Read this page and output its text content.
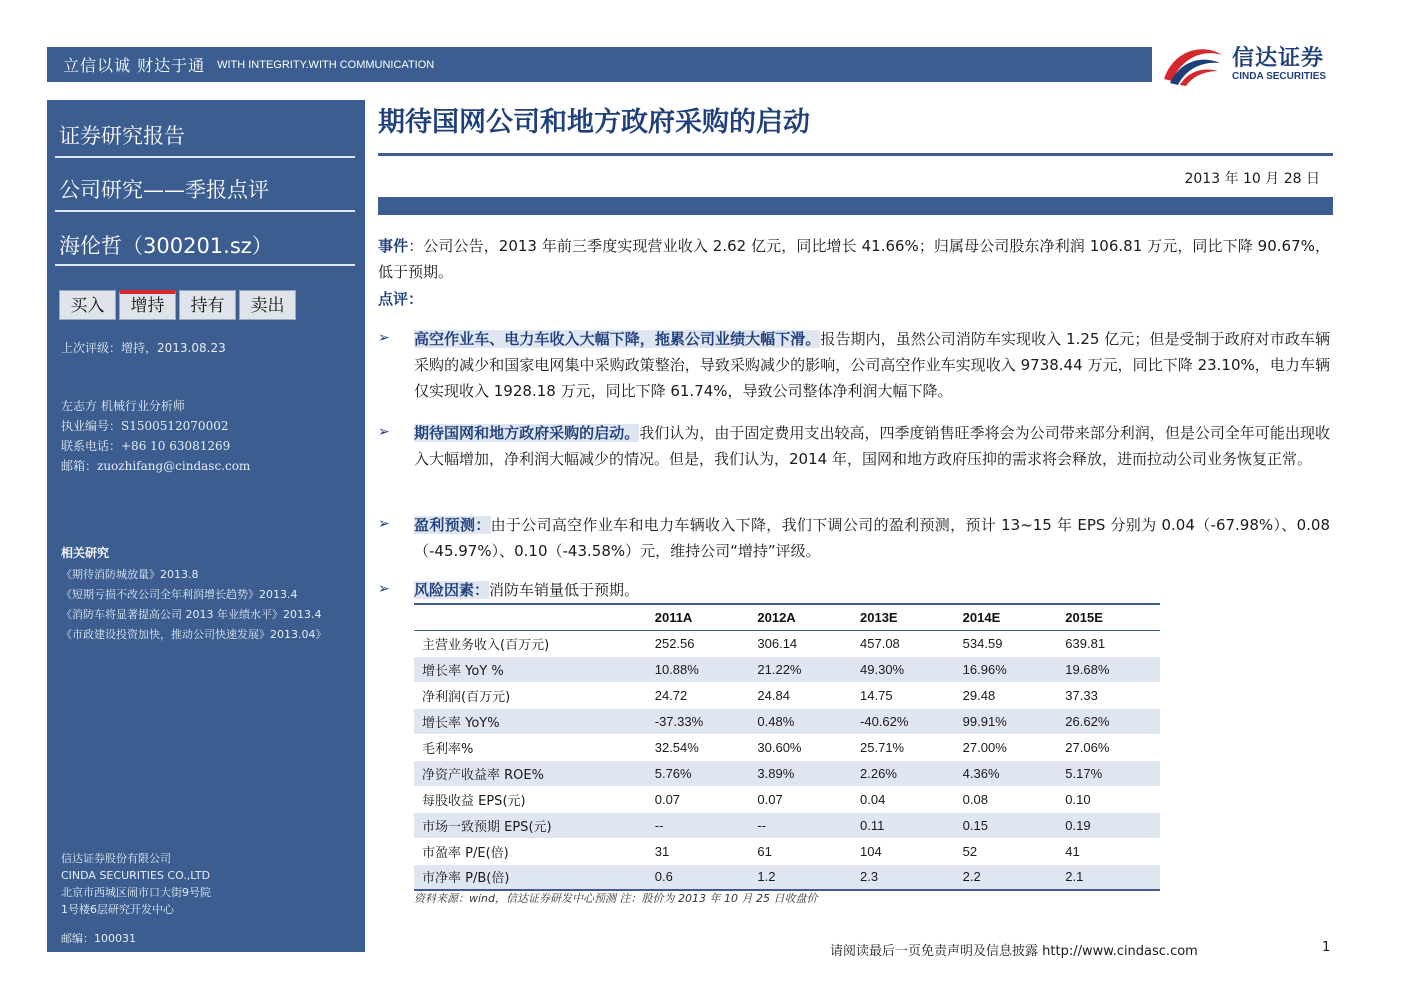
立信以诚 财达于通 WITH INTEGRITY.WITH COMMUNICATION	信达证券
CINDA SECURITIES
证券研究报告
公司研究——季报点评
海伦哲（300201.sz）
买入	增持	持有	卖出
上次评级：增持，2013.08.23
左志方 机械行业分析师
执业编号：S1500512070002
联系电话：+86 10 63081269
邮箱：zuozhifang@cindasc.com
相关研究
《期待消防城放量》2013.8
《短期亏损不改公司全年利润增长趋势》2013.4
《消防车将显著提高公司 2013 年业绩水平》2013.4
《市政建设投资加快，推动公司快速发展》2013.04》
信达证券股份有限公司
CINDA SECURITIES CO.,LTD
北京市西城区闹市口大街9号院
1号楼6层研究开发中心
邮编：100031
期待国网公司和地方政府采购的启动
2013 年 10 月 28 日
事件：公司公告，2013 年前三季度实现营业收入 2.62 亿元，同比增长 41.66%；归属母公司股东净利润 106.81 万元，同比下降 90.67%，低于预期。
点评：
➢ 高空作业车、电力车收入大幅下降，拖累公司业绩大幅下滑。报告期内，虽然公司消防车实现收入 1.25 亿元；但是受制于政府对市政车辆采购的减少和国家电网集中采购政策整治，导致采购减少的影响，公司高空作业车实现收入 9738.44 万元，同比下降 23.10%，电力车辆仅实现收入 1928.18 万元，同比下降 61.74%，导致公司整体净利润大幅下降。
➢ 期待国网和地方政府采购的启动。我们认为，由于固定费用支出较高，四季度销售旺季将会为公司带来部分利润，但是公司全年可能出现收入大幅增加，净利润大幅减少的情况。但是，我们认为，2014 年，国网和地方政府压抑的需求将会释放，进而拉动公司业务恢复正常。
➢ 盈利预测：由于公司高空作业车和电力车辆收入下降，我们下调公司的盈利预测，预计 13~15 年 EPS 分别为 0.04（-67.98%）、0.08（-45.97%）、0.10（-43.58%）元，维持公司“增持”评级。
➢ 风险因素：消防车销量低于预期。
	2011A	2012A	2013E	2014E	2015E
主营业务收入(百万元)	252.56	306.14	457.08	534.59	639.81
增长率 YoY %	10.88%	21.22%	49.30%	16.96%	19.68%
净利润(百万元)	24.72	24.84	14.75	29.48	37.33
增长率 YoY%	-37.33%	0.48%	-40.62%	99.91%	26.62%
毛利率%	32.54%	30.60%	25.71%	27.00%	27.06%
净资产收益率 ROE%	5.76%	3.89%	2.26%	4.36%	5.17%
每股收益 EPS(元)	0.07	0.07	0.04	0.08	0.10
市场一致预期 EPS(元)	--	--	0.11	0.15	0.19
市盈率 P/E(倍)	31	61	104	52	41
市净率 P/B(倍)	0.6	1.2	2.3	2.2	2.1
资料来源：wind，信达证券研发中心预测 注：股价为 2013 年 10 月 25 日收盘价
请阅读最后一页免责声明及信息披露 http://www.cindasc.com	1
